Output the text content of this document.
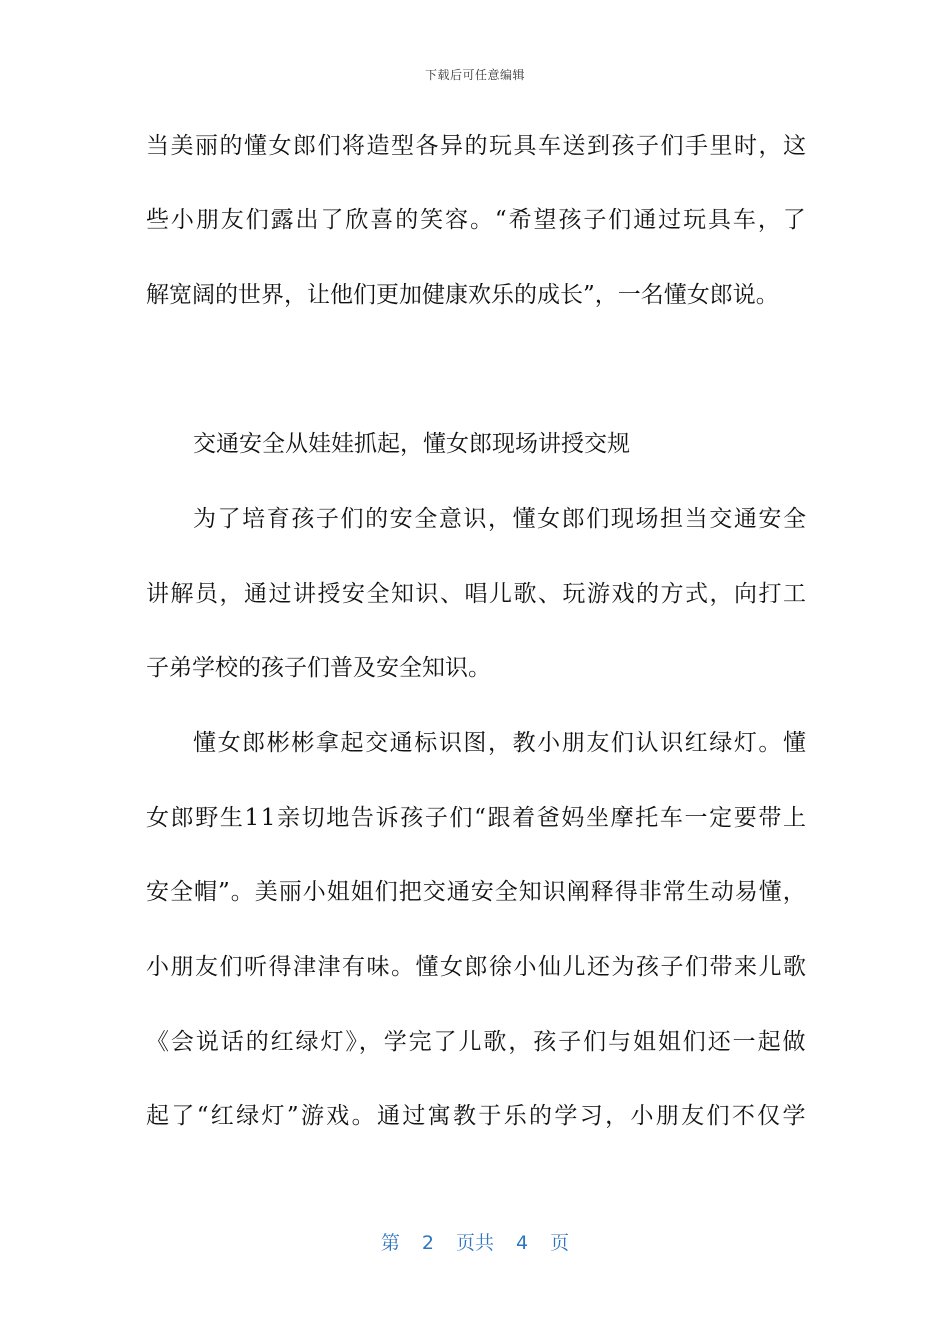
下载后可任意编辑
当美丽的懂女郎们将造型各异的玩具车送到孩子们手里时，这
些小朋友们露出了欣喜的笑容。“希望孩子们通过玩具车，了
解宽阔的世界，让他们更加健康欢乐的成长”，一名懂女郎说。
交通安全从娃娃抓起，懂女郎现场讲授交规
为了培育孩子们的安全意识，懂女郎们现场担当交通安全
讲解员，通过讲授安全知识、唱儿歌、玩游戏的方式，向打工
子弟学校的孩子们普及安全知识。
懂女郎彬彬拿起交通标识图，教小朋友们认识红绿灯。懂
女郎野生11亲切地告诉孩子们“跟着爸妈坐摩托车一定要带上
安全帽”。美丽小姐姐们把交通安全知识阐释得非常生动易懂，
小朋友们听得津津有味。懂女郎徐小仙儿还为孩子们带来儿歌
《会说话的红绿灯》，学完了儿歌，孩子们与姐姐们还一起做
起了“红绿灯”游戏。通过寓教于乐的学习，小朋友们不仅学
第 2 页共 4 页
